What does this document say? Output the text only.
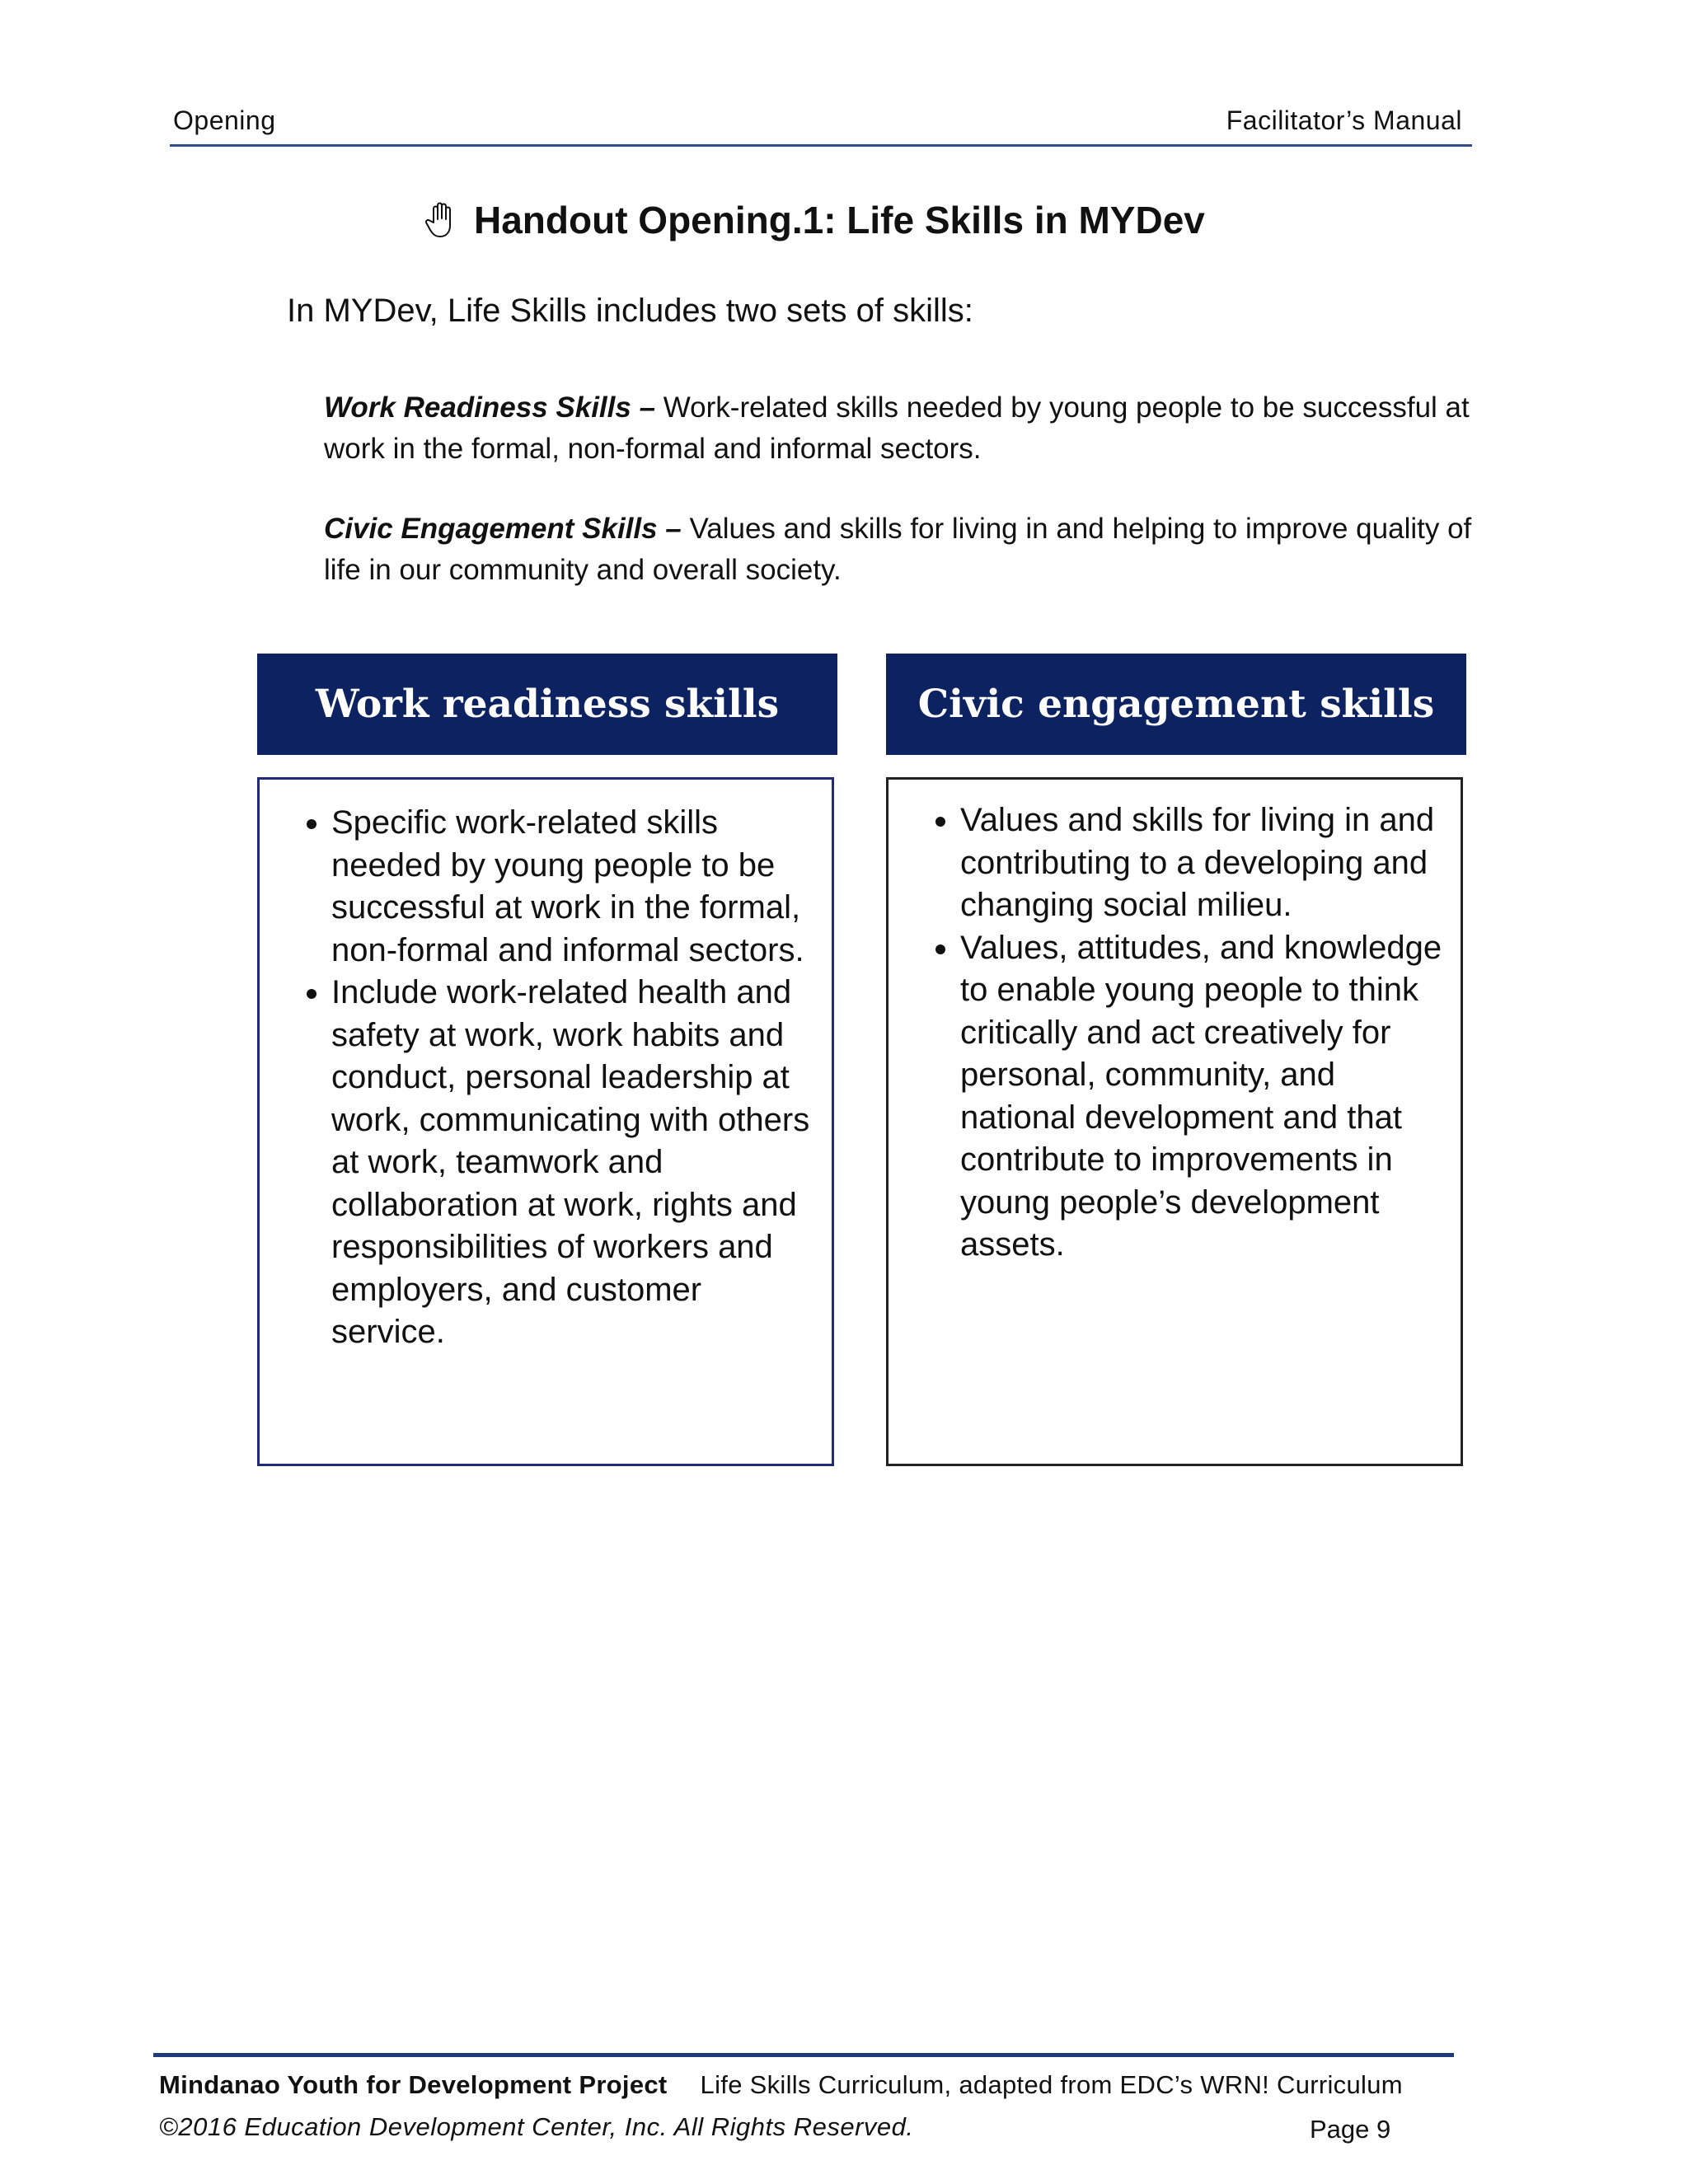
Opening	Facilitator’s Manual
Handout Opening.1: Life Skills in MYDev
In MYDev, Life Skills includes two sets of skills:
Work Readiness Skills – Work-related skills needed by young people to be successful at work in the formal, non-formal and informal sectors.
Civic Engagement Skills – Values and skills for living in and helping to improve quality of life in our community and overall society.
Work readiness skills	Civic engagement skills
• Specific work-related skills needed by young people to be successful at work in the formal, non-formal and informal sectors.
• Include work-related health and safety at work, work habits and conduct, personal leadership at work, communicating with others at work, teamwork and collaboration at work, rights and responsibilities of workers and employers, and customer service.
• Values and skills for living in and contributing to a developing and changing social milieu.
• Values, attitudes, and knowledge to enable young people to think critically and act creatively for personal, community, and national development and that contribute to improvements in young people’s development assets.
Mindanao Youth for Development Project Life Skills Curriculum, adapted from EDC’s WRN! Curriculum
©2016 Education Development Center, Inc. All Rights Reserved.	Page 9
